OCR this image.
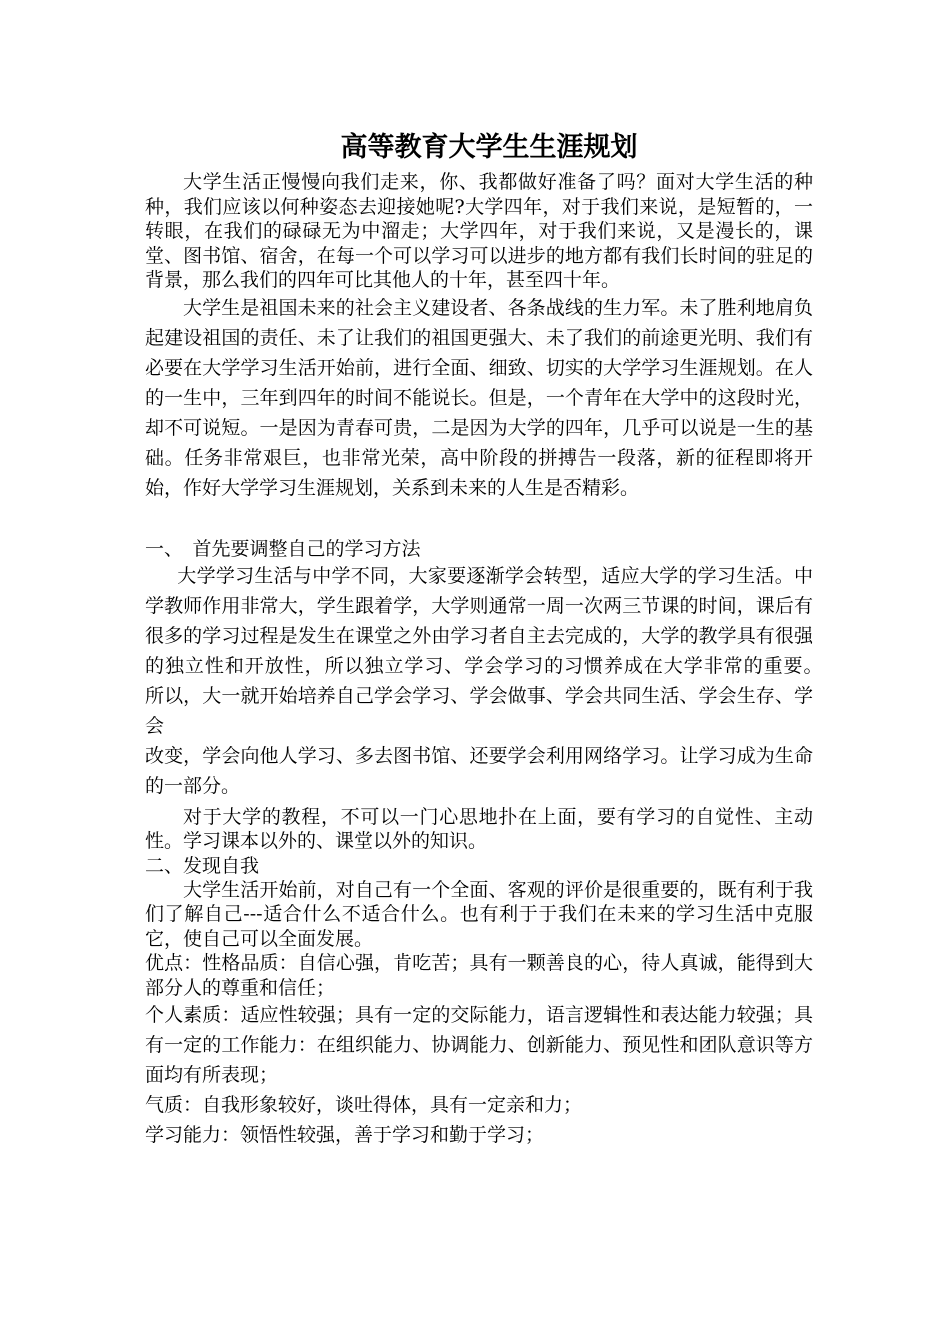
高等教育大学生生涯规划

大学生活正慢慢向我们走来，你、我都做好准备了吗？面对大学生活的种种，我们应该以何种姿态去迎接她呢?大学四年，对于我们来说，是短暂的，一转眼，在我们的碌碌无为中溜走；大学四年，对于我们来说，又是漫长的，课堂、图书馆、宿舍，在每一个可以学习可以进步的地方都有我们长时间的驻足的背景，那么我们的四年可比其他人的十年，甚至四十年。

大学生是祖国未来的社会主义建设者、各条战线的生力军。未了胜利地肩负起建设祖国的责任、未了让我们的祖国更强大、未了我们的前途更光明、我们有必要在大学学习生活开始前，进行全面、细致、切实的大学学习生涯规划。在人的一生中，三年到四年的时间不能说长。但是，一个青年在大学中的这段时光，却不可说短。一是因为青春可贵，二是因为大学的四年，几乎可以说是一生的基础。任务非常艰巨，也非常光荣，高中阶段的拼搏告一段落，新的征程即将开始，作好大学学习生涯规划，关系到未来的人生是否精彩。

一、　首先要调整自己的学习方法

大学学习生活与中学不同，大家要逐渐学会转型，适应大学的学习生活。中学教师作用非常大，学生跟着学，大学则通常一周一次两三节课的时间，课后有很多的学习过程是发生在课堂之外由学习者自主去完成的，大学的教学具有很强的独立性和开放性，所以独立学习、学会学习的习惯养成在大学非常的重要。　所以，大一就开始培养自己学会学习、学会做事、学会共同生活、学会生存、学会

改变，学会向他人学习、多去图书馆、还要学会利用网络学习。让学习成为生命的一部分。

对于大学的教程，不可以一门心思地扑在上面，要有学习的自觉性、主动性。学习课本以外的、课堂以外的知识。

二、发现自我

大学生活开始前，对自己有一个全面、客观的评价是很重要的，既有利于我们了解自己---适合什么不适合什么。也有利于于我们在未来的学习生活中克服它，使自己可以全面发展。

优点：性格品质：自信心强，肯吃苦；具有一颗善良的心，待人真诚，能得到大部分人的尊重和信任；

个人素质：适应性较强；具有一定的交际能力，语言逻辑性和表达能力较强；具有一定的工作能力：在组织能力、协调能力、创新能力、预见性和团队意识等方面均有所表现；

气质：自我形象较好，谈吐得体，具有一定亲和力；

学习能力：领悟性较强，善于学习和勤于学习；
